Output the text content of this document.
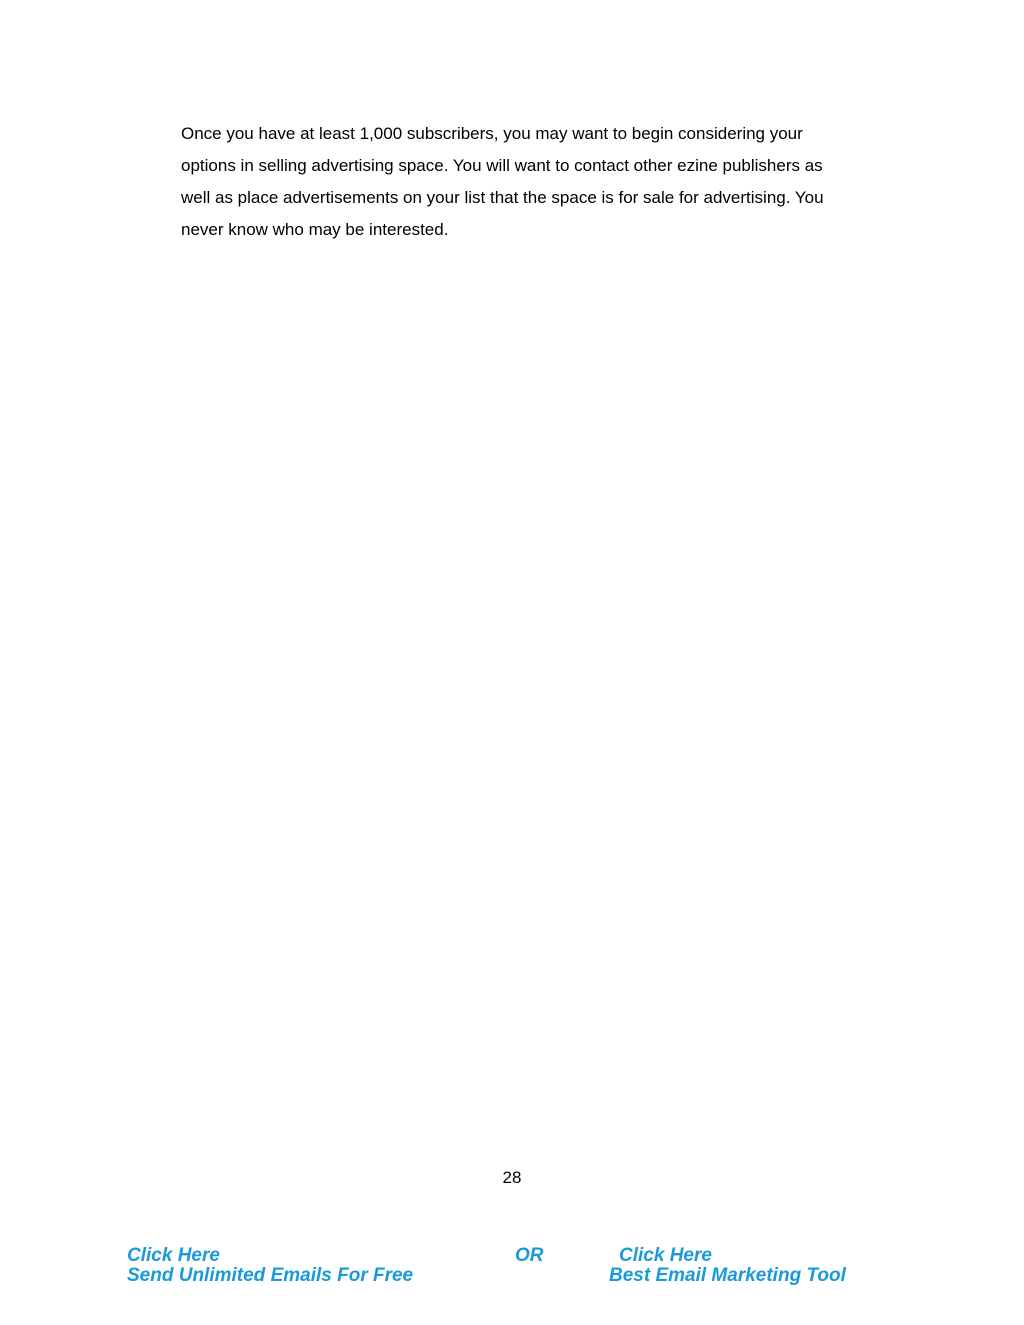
Once you have at least 1,000 subscribers, you may want to begin considering your
options in selling advertising space. You will want to contact other ezine publishers as
well as place advertisements on your list that the space is for sale for advertising. You
never know who may be interested.

28
Click Here
Send Unlimited Emails For Free
OR	Click Here
Best Email Marketing Tool
